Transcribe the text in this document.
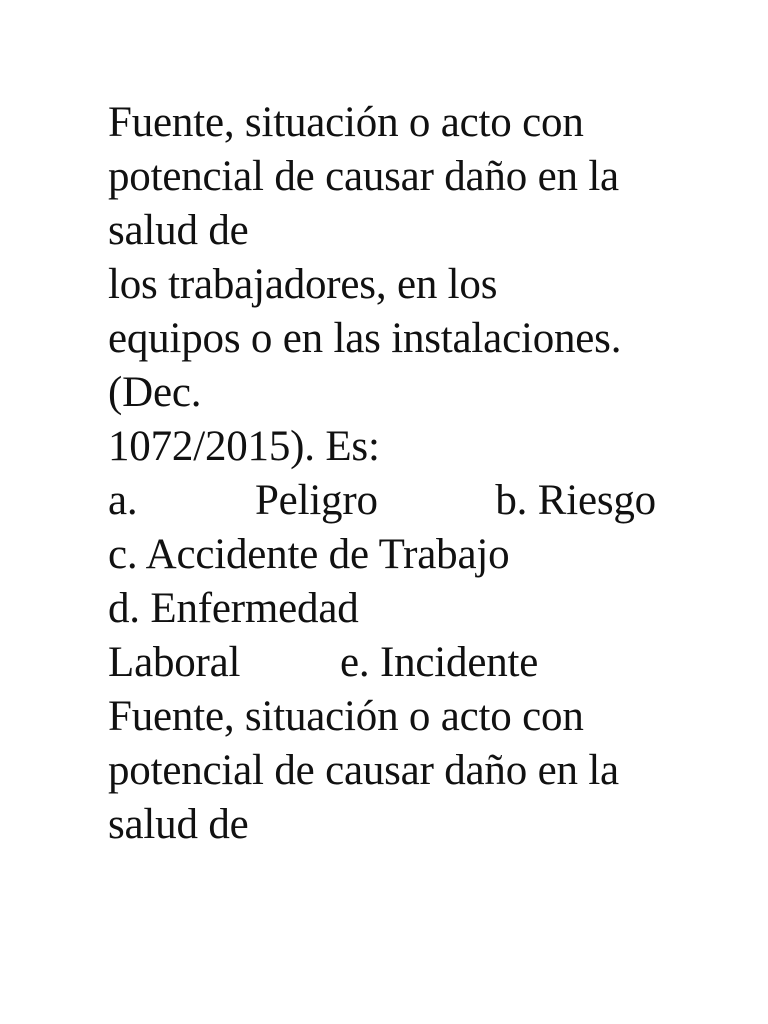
Fuente, situación o acto con
potencial de causar daño en la
salud de
los trabajadores, en los
equipos o en las instalaciones.
(Dec.
1072/2015). Es:
a.	Peligro	b. Riesgo
c. Accidente de Trabajo
d. Enfermedad
Laboral e. Incidente
Fuente, situación o acto con
potencial de causar daño en la
salud de
